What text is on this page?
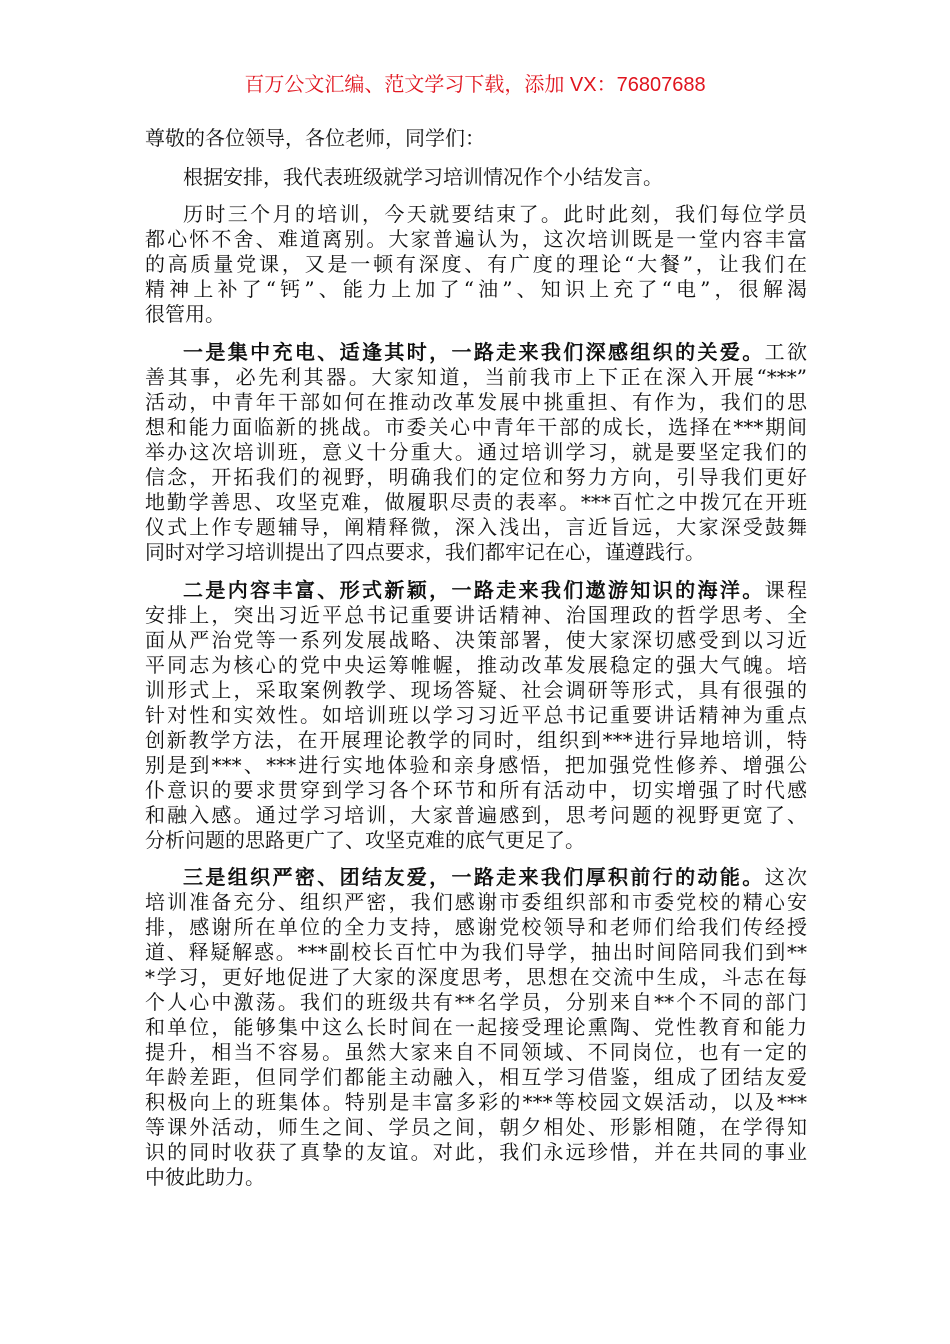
百万公文汇编、范文学习下载，添加 VX：76807688
尊敬的各位领导，各位老师，同学们：
根据安排，我代表班级就学习培训情况作个小结发言。
历时三个月的培训，今天就要结束了。此时此刻，我们每位学员
都心怀不舍、难道离别。大家普遍认为，这次培训既是一堂内容丰富
的高质量党课，又是一顿有深度、有广度的理论“大餐”，让我们在
精神上补了“钙”、能力上加了“油”、知识上充了“电”，很解渴
很管用。
一是集中充电、适逢其时，一路走来我们深感组织的关爱。工欲
善其事，必先利其器。大家知道，当前我市上下正在深入开展“***”
活动，中青年干部如何在推动改革发展中挑重担、有作为，我们的思
想和能力面临新的挑战。市委关心中青年干部的成长，选择在***期间
举办这次培训班，意义十分重大。通过培训学习，就是要坚定我们的
信念，开拓我们的视野，明确我们的定位和努力方向，引导我们更好
地勤学善思、攻坚克难，做履职尽责的表率。***百忙之中拨冗在开班
仪式上作专题辅导，阐精释微，深入浅出，言近旨远，大家深受鼓舞
同时对学习培训提出了四点要求，我们都牢记在心，谨遵践行。
二是内容丰富、形式新颖，一路走来我们遨游知识的海洋。课程
安排上，突出习近平总书记重要讲话精神、治国理政的哲学思考、全
面从严治党等一系列发展战略、决策部署，使大家深切感受到以习近
平同志为核心的党中央运筹帷幄，推动改革发展稳定的强大气魄。培
训形式上，采取案例教学、现场答疑、社会调研等形式，具有很强的
针对性和实效性。如培训班以学习习近平总书记重要讲话精神为重点
创新教学方法，在开展理论教学的同时，组织到***进行异地培训，特
别是到***、***进行实地体验和亲身感悟，把加强党性修养、增强公
仆意识的要求贯穿到学习各个环节和所有活动中，切实增强了时代感
和融入感。通过学习培训，大家普遍感到，思考问题的视野更宽了、
分析问题的思路更广了、攻坚克难的底气更足了。
三是组织严密、团结友爱，一路走来我们厚积前行的动能。这次
培训准备充分、组织严密，我们感谢市委组织部和市委党校的精心安
排，感谢所在单位的全力支持，感谢党校领导和老师们给我们传经授
道、释疑解惑。***副校长百忙中为我们导学，抽出时间陪同我们到**
*学习，更好地促进了大家的深度思考，思想在交流中生成，斗志在每
个人心中激荡。我们的班级共有**名学员，分别来自**个不同的部门
和单位，能够集中这么长时间在一起接受理论熏陶、党性教育和能力
提升，相当不容易。虽然大家来自不同领域、不同岗位，也有一定的
年龄差距，但同学们都能主动融入，相互学习借鉴，组成了团结友爱
积极向上的班集体。特别是丰富多彩的***等校园文娱活动，以及***
等课外活动，师生之间、学员之间，朝夕相处、形影相随，在学得知
识的同时收获了真挚的友谊。对此，我们永远珍惜，并在共同的事业
中彼此助力。
